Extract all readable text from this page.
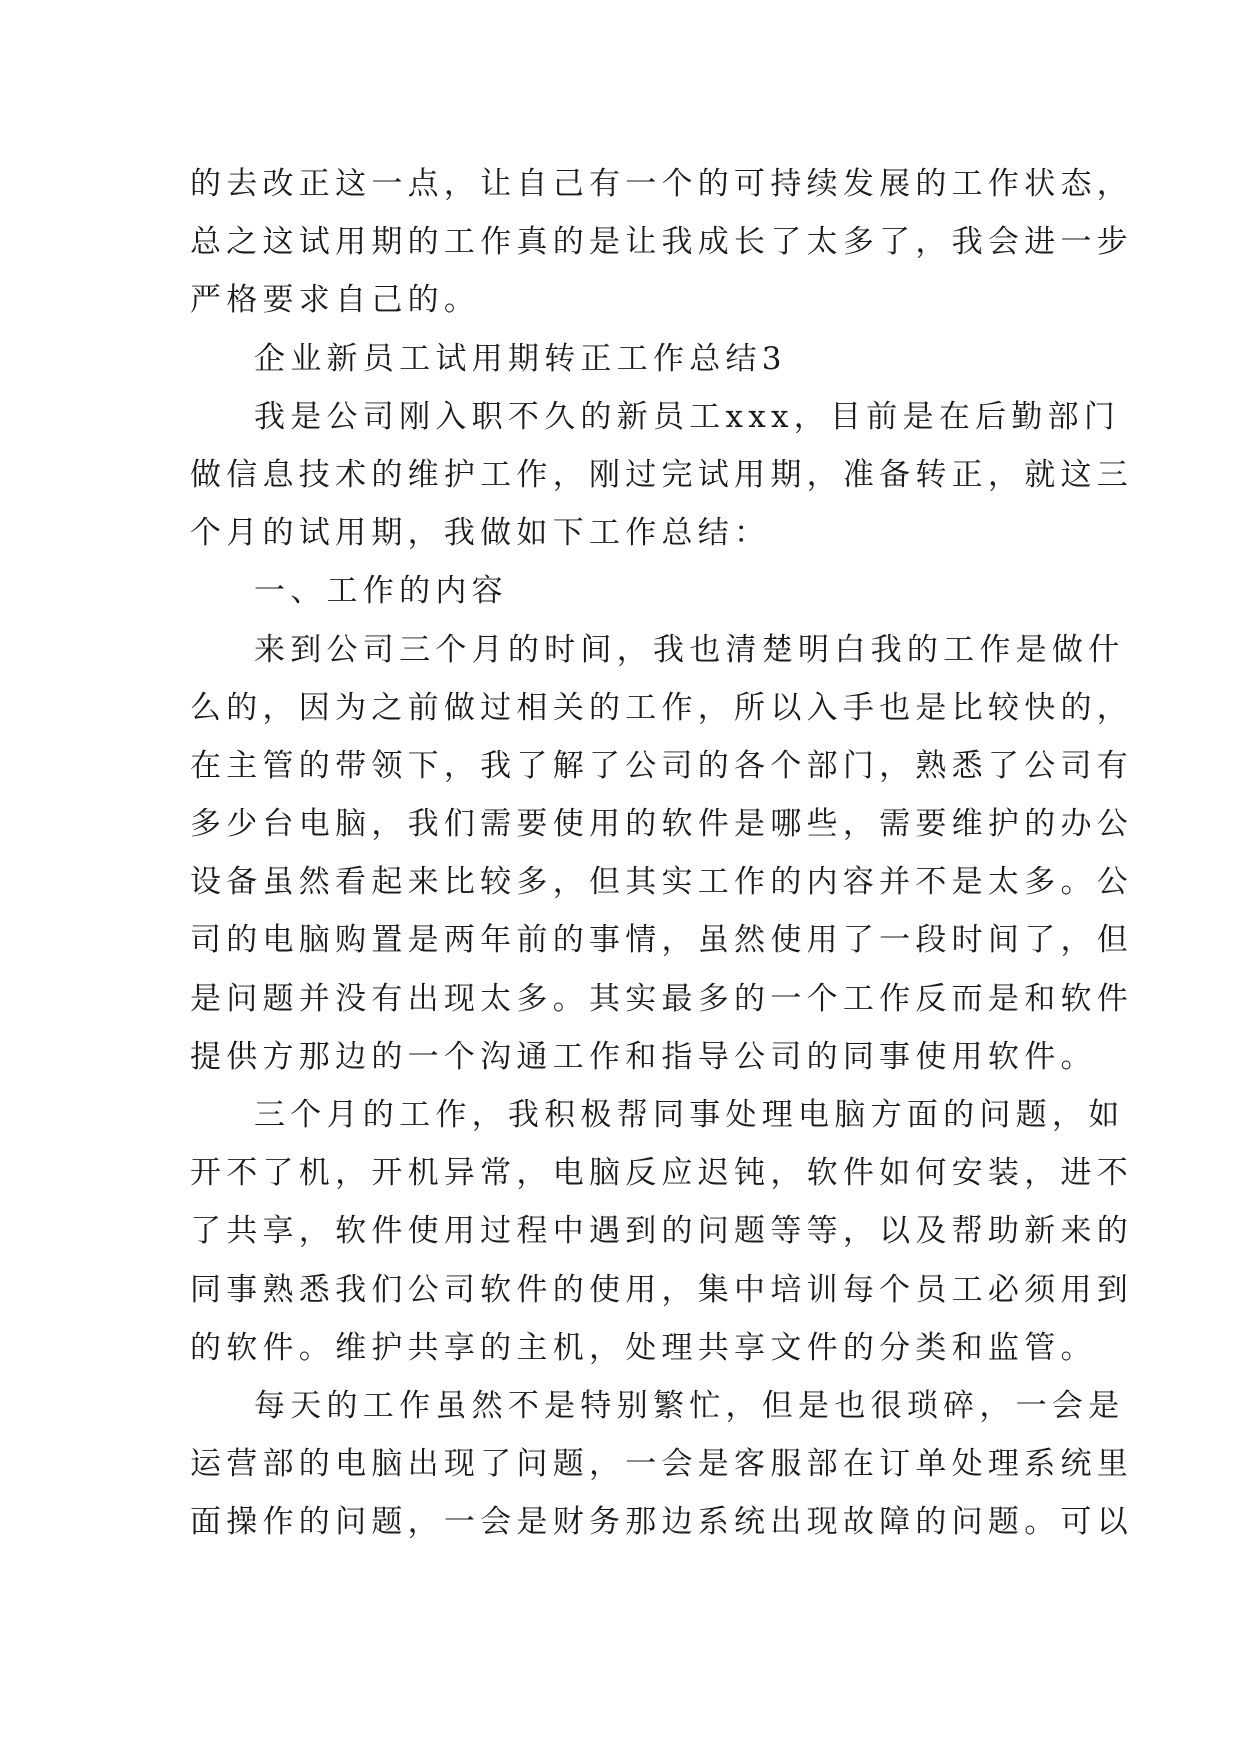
的去改正这一点，让自己有一个的可持续发展的工作状态，
总之这试用期的工作真的是让我成长了太多了，我会进一步
严格要求自己的。
企业新员工试用期转正工作总结3
我是公司刚入职不久的新员工xxx，目前是在后勤部门
做信息技术的维护工作，刚过完试用期，准备转正，就这三
个月的试用期，我做如下工作总结：
一、工作的内容
来到公司三个月的时间，我也清楚明白我的工作是做什
么的，因为之前做过相关的工作，所以入手也是比较快的，
在主管的带领下，我了解了公司的各个部门，熟悉了公司有
多少台电脑，我们需要使用的软件是哪些，需要维护的办公
设备虽然看起来比较多，但其实工作的内容并不是太多。公
司的电脑购置是两年前的事情，虽然使用了一段时间了，但
是问题并没有出现太多。其实最多的一个工作反而是和软件
提供方那边的一个沟通工作和指导公司的同事使用软件。
三个月的工作，我积极帮同事处理电脑方面的问题，如
开不了机，开机异常，电脑反应迟钝，软件如何安装，进不
了共享，软件使用过程中遇到的问题等等，以及帮助新来的
同事熟悉我们公司软件的使用，集中培训每个员工必须用到
的软件。维护共享的主机，处理共享文件的分类和监管。
每天的工作虽然不是特别繁忙，但是也很琐碎，一会是
运营部的电脑出现了问题，一会是客服部在订单处理系统里
面操作的问题，一会是财务那边系统出现故障的问题。可以
